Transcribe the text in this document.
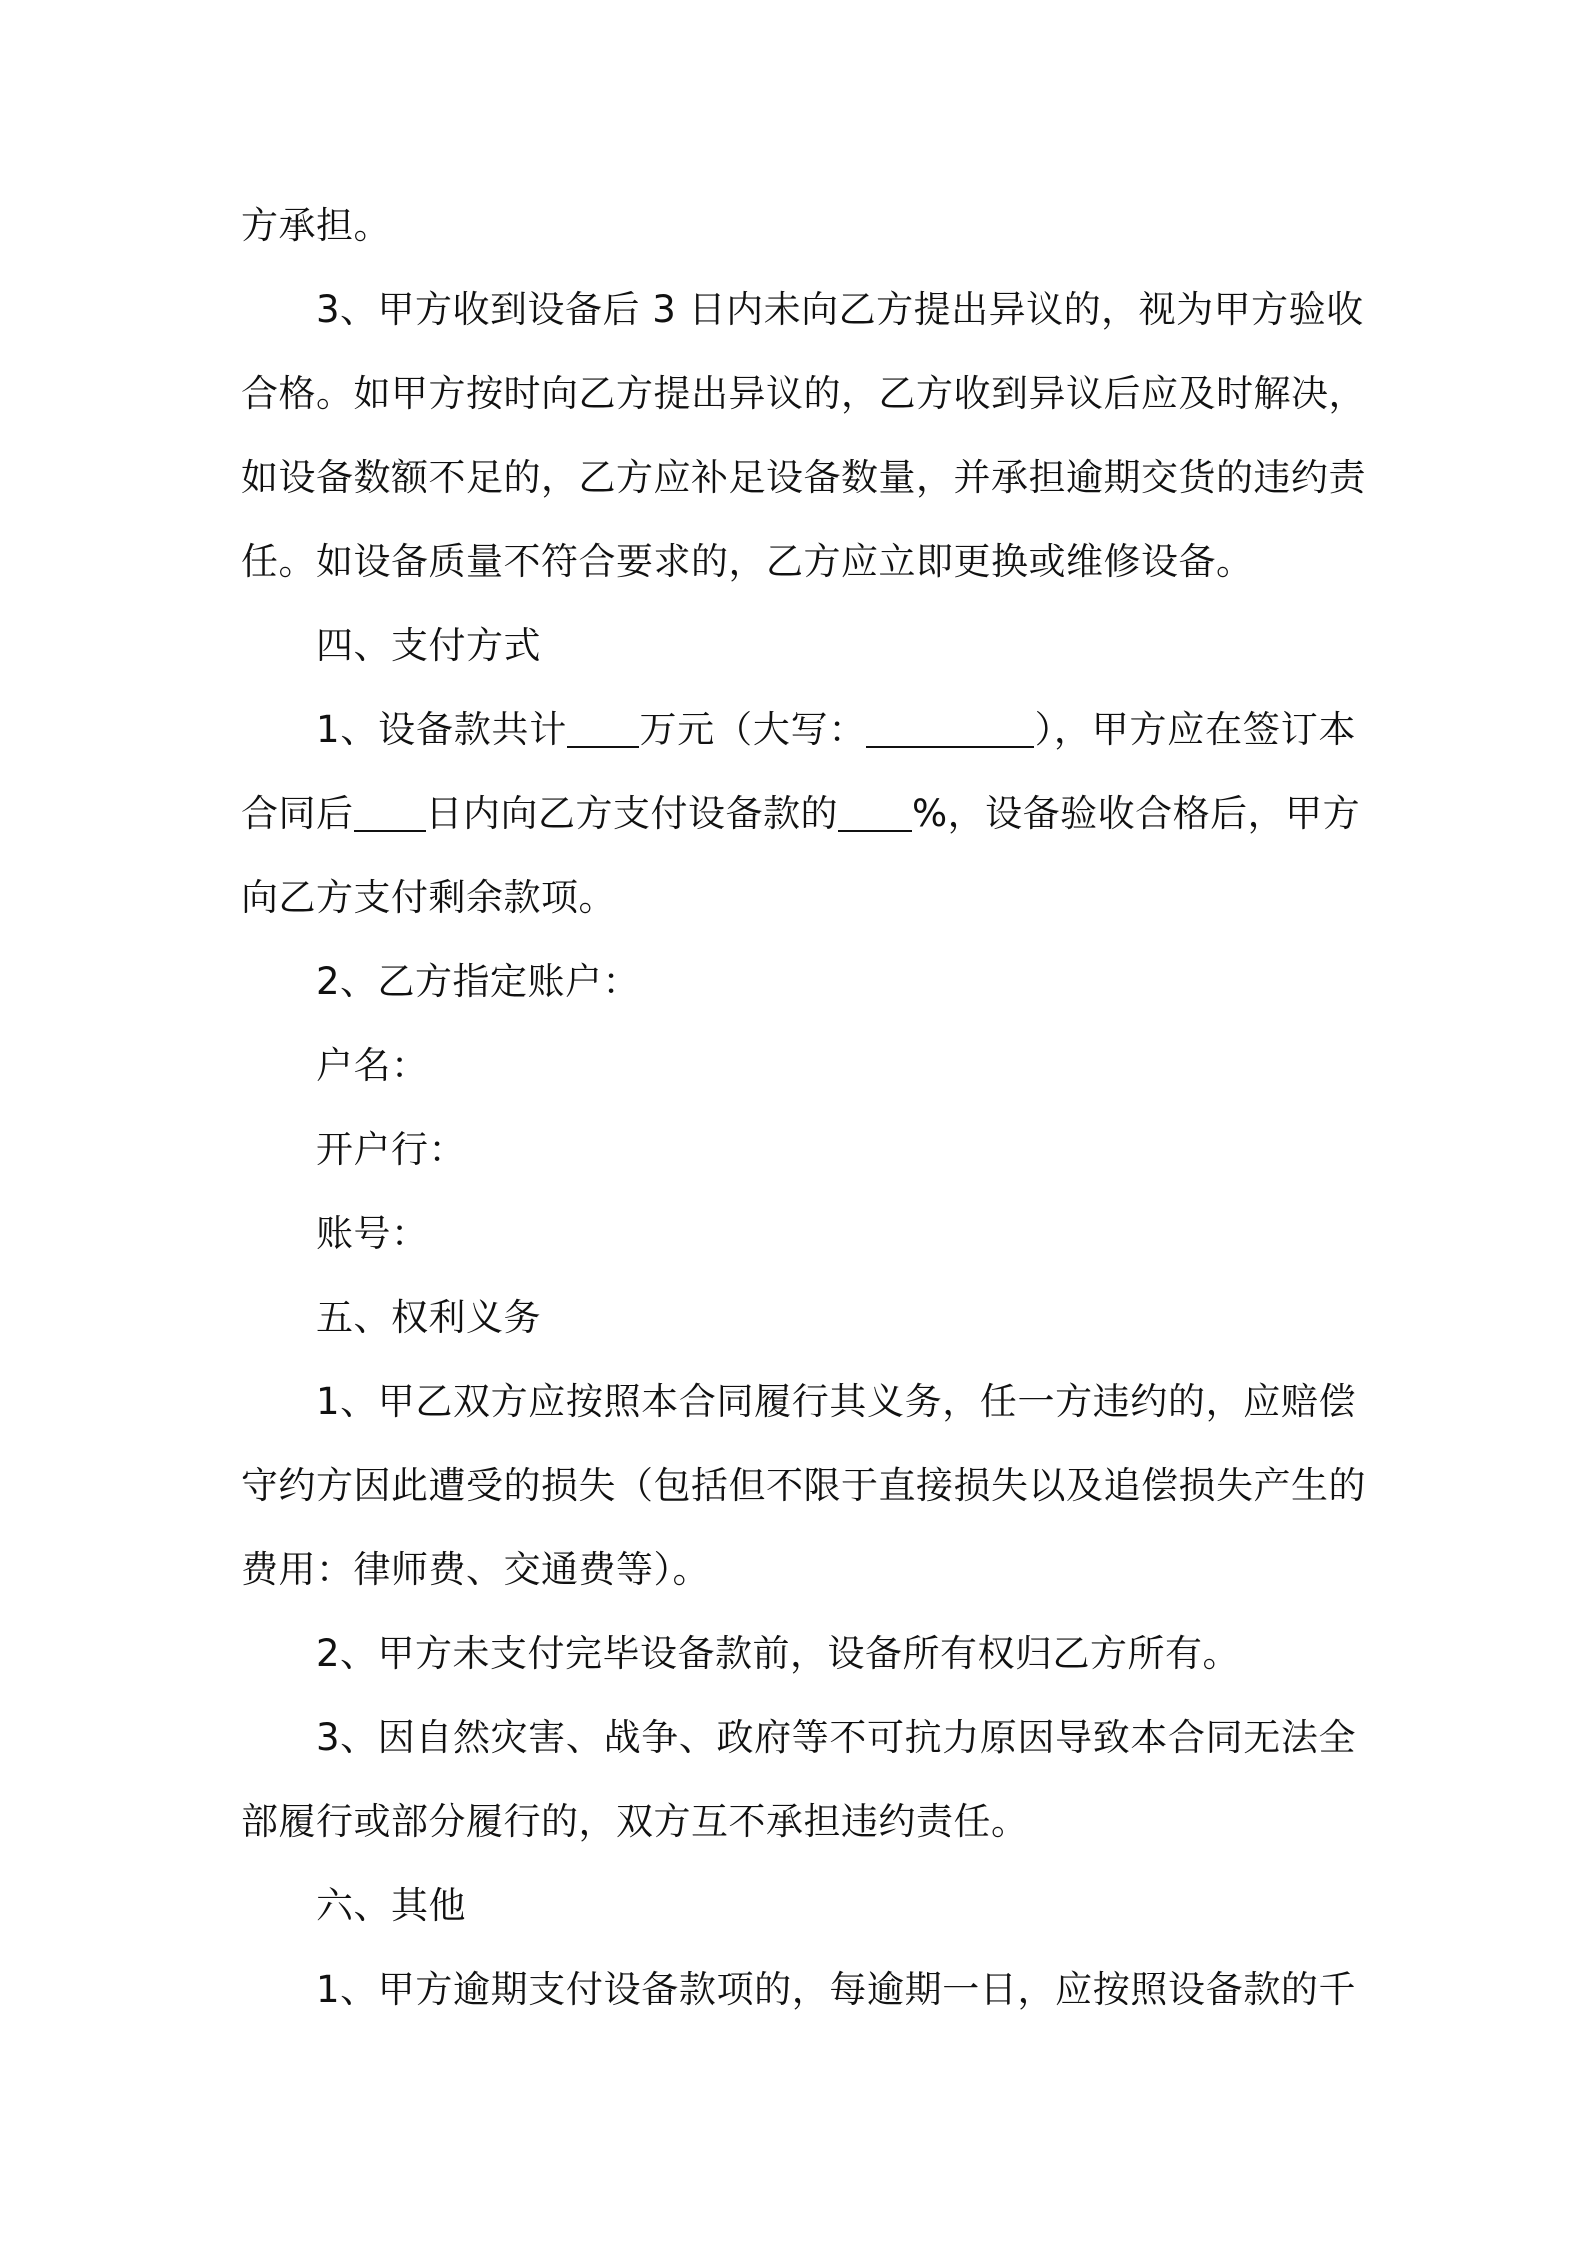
方承担。
3、甲方收到设备后 3 日内未向乙方提出异议的，视为甲方验收
合格。如甲方按时向乙方提出异议的，乙方收到异议后应及时解决，
如设备数额不足的，乙方应补足设备数量，并承担逾期交货的违约责
任。如设备质量不符合要求的，乙方应立即更换或维修设备。
四、支付方式
1、设备款共计 万元（大写：	），甲方应在签订本
合同后 日内向乙方支付设备款的 %，设备验收合格后，甲方
向乙方支付剩余款项。
2、乙方指定账户：
户名：
开户行：
账号：
五、权利义务
1、甲乙双方应按照本合同履行其义务，任一方违约的，应赔偿
守约方因此遭受的损失（包括但不限于直接损失以及追偿损失产生的
费用：律师费、交通费等）。
2、甲方未支付完毕设备款前，设备所有权归乙方所有。
3、因自然灾害、战争、政府等不可抗力原因导致本合同无法全
部履行或部分履行的，双方互不承担违约责任。
六、其他
1、甲方逾期支付设备款项的，每逾期一日，应按照设备款的千
